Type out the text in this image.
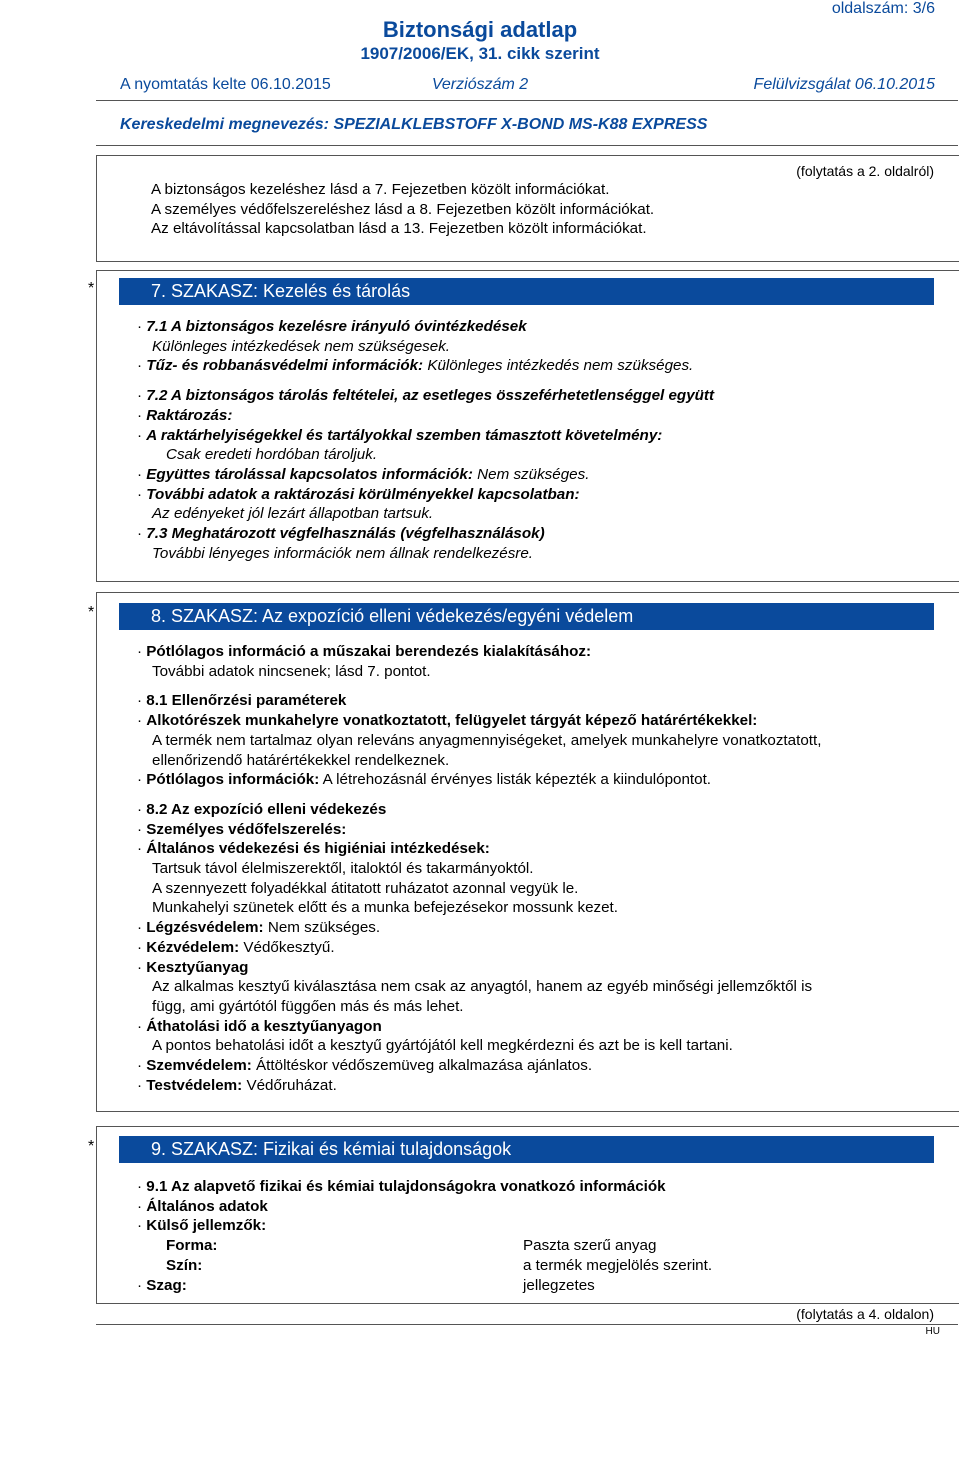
oldalszám: 3/6
Biztonsági adatlap
1907/2006/EK, 31. cikk szerint
A nyomtatás kelte 06.10.2015	Verziószám 2	Felülvizsgálat 06.10.2015
Kereskedelmi megnevezés: SPEZIALKLEBSTOFF X-BOND MS-K88 EXPRESS
(folytatás a 2. oldalról)
A biztonságos kezeléshez lásd a 7. Fejezetben közölt információkat.
A személyes védőfelszereléshez lásd a 8. Fejezetben közölt információkat.
Az eltávolítással kapcsolatban lásd a 13. Fejezetben közölt információkat.
*	7. SZAKASZ: Kezelés és tárolás
· 7.1 A biztonságos kezelésre irányuló óvintézkedések
Különleges intézkedések nem szükségesek.
· Tűz- és robbanásvédelmi információk: Különleges intézkedés nem szükséges.
· 7.2 A biztonságos tárolás feltételei, az esetleges összeférhetetlenséggel együtt
· Raktározás:
· A raktárhelyiségekkel és tartályokkal szemben támasztott követelmény:
Csak eredeti hordóban tároljuk.
· Együttes tárolással kapcsolatos információk: Nem szükséges.
· További adatok a raktározási körülményekkel kapcsolatban:
Az edényeket jól lezárt állapotban tartsuk.
· 7.3 Meghatározott végfelhasználás (végfelhasználások)
További lényeges információk nem állnak rendelkezésre.
*	8. SZAKASZ: Az expozíció elleni védekezés/egyéni védelem
· Pótlólagos információ a műszakai berendezés kialakításához:
További adatok nincsenek; lásd 7. pontot.
· 8.1 Ellenőrzési paraméterek
· Alkotórészek munkahelyre vonatkoztatott, felügyelet tárgyát képező határértékekkel:
A termék nem tartalmaz olyan releváns anyagmennyiségeket, amelyek munkahelyre vonatkoztatott,
ellenőrizendő határértékekkel rendelkeznek.
· Pótlólagos információk: A létrehozásnál érvényes listák képezték a kiindulópontot.
· 8.2 Az expozíció elleni védekezés
· Személyes védőfelszerelés:
· Általános védekezési és higiéniai intézkedések:
Tartsuk távol élelmiszerektől, italoktól és takarmányoktól.
A szennyezett folyadékkal átitatott ruházatot azonnal vegyük le.
Munkahelyi szünetek előtt és a munka befejezésekor mossunk kezet.
· Légzésvédelem: Nem szükséges.
· Kézvédelem: Védőkesztyű.
· Kesztyűanyag
Az alkalmas kesztyű kiválasztása nem csak az anyagtól, hanem az egyéb minőségi jellemzőktől is
függ, ami gyártótól függően más és más lehet.
· Áthatolási idő a kesztyűanyagon
A pontos behatolási időt a kesztyű gyártójától kell megkérdezni és azt be is kell tartani.
· Szemvédelem: Áttöltéskor védőszemüveg alkalmazása ajánlatos.
· Testvédelem: Védőruházat.
*	9. SZAKASZ: Fizikai és kémiai tulajdonságok
· 9.1 Az alapvető fizikai és kémiai tulajdonságokra vonatkozó információk
· Általános adatok
· Külső jellemzők:
Forma:	Paszta szerű anyag
Szín:	a termék megjelölés szerint.
· Szag:	jellegzetes
(folytatás a 4. oldalon)
HU
